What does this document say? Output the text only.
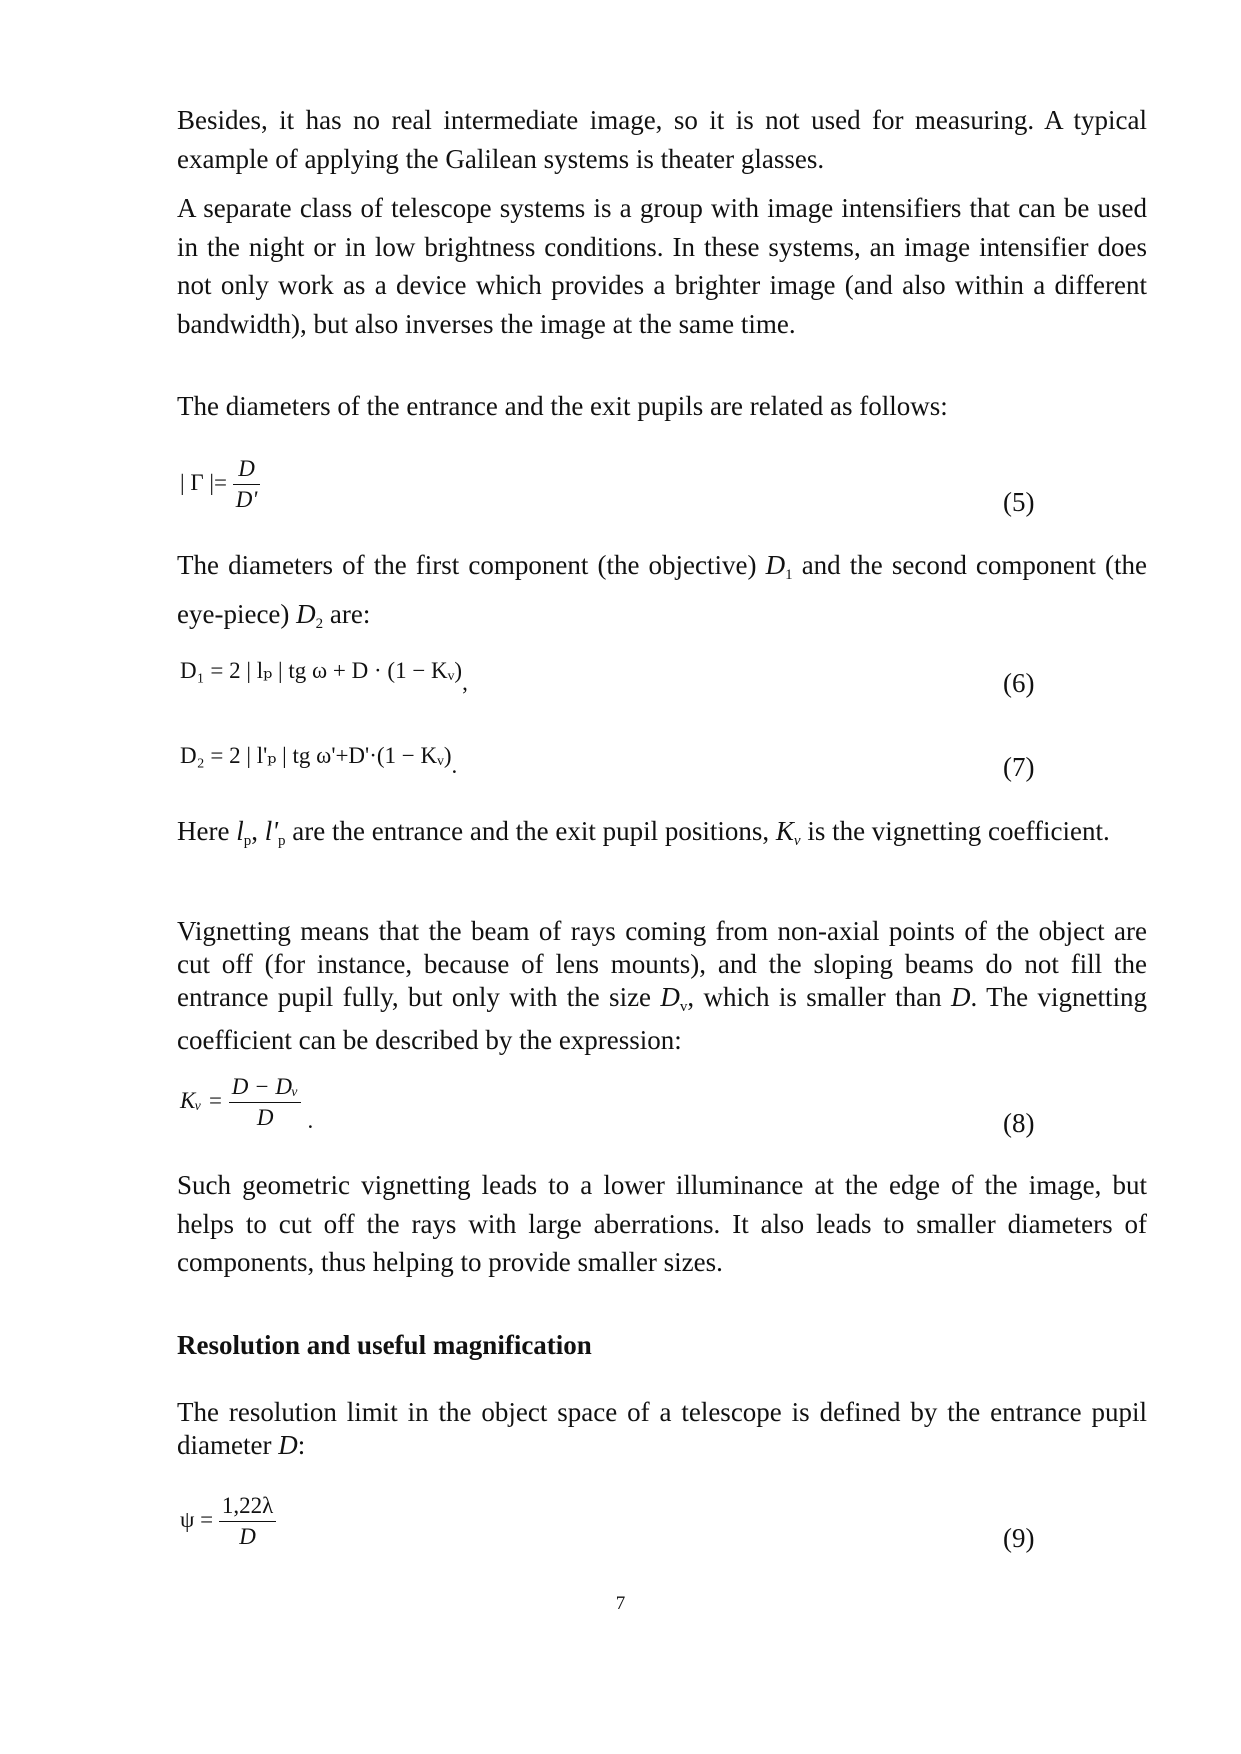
Besides, it has no real intermediate image, so it is not used for measuring. A typical example of applying the Galilean systems is theater glasses.

A separate class of telescope systems is a group with image intensifiers that can be used in the night or in low brightness conditions. In these systems, an image intensifier does not only work as a device which provides a brighter image (and also within a different bandwidth), but also inverses the image at the same time.

The diameters of the entrance and the exit pupils are related as follows:

| Γ |= $\frac{D}{D'}$	(5)

The diameters of the first component (the objective) $D_1$ and the second component (the eye-piece) $D_2$ are:

D₁ = 2 | lₚ | tg ω + D · (1 − Kᵥ),	(6)
D₂ = 2 | l'ₚ | tg ω'+D'·(1 − Kᵥ).	(7)

Here $l_p$, $l'_p$ are the entrance and the exit pupil positions, $K_v$ is the vignetting coefficient.

Vignetting means that the beam of rays coming from non-axial points of the object are cut off (for instance, because of lens mounts), and the sloping beams do not fill the entrance pupil fully, but only with the size $D_v$, which is smaller than D. The vignetting coefficient can be described by the expression:

Kᵥ = $\frac{\text{D − Dᵥ}}{D}$ .	(8)

Such geometric vignetting leads to a lower illuminance at the edge of the image, but helps to cut off the rays with large aberrations. It also leads to smaller diameters of components, thus helping to provide smaller sizes.

Resolution and useful magnification

The resolution limit in the object space of a telescope is defined by the entrance pupil diameter D:

$\psi = \frac{1,22\lambda}{D}$	(9)
7
